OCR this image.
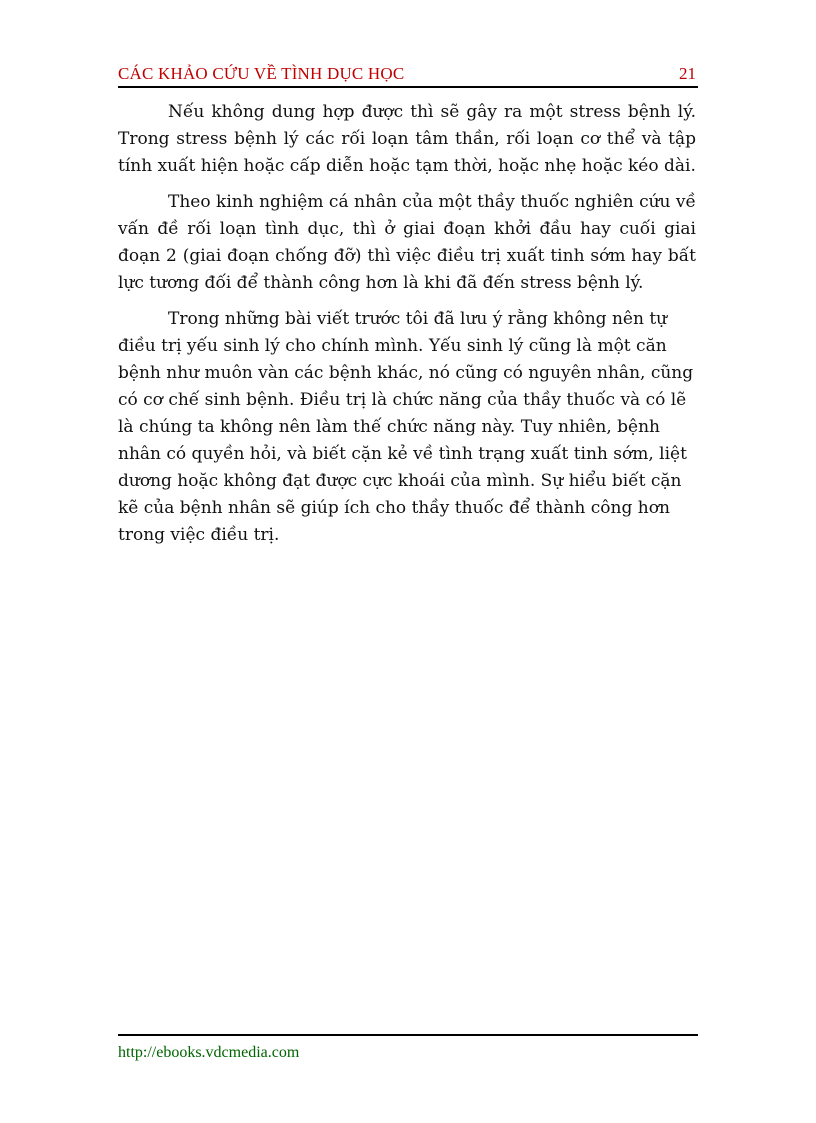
CÁC KHẢO CỨU VỀ TÌNH DỤC HỌC	21

Nếu không dung hợp được thì sẽ gây ra một stress bệnh lý. Trong stress bệnh lý các rối loạn tâm thần, rối loạn cơ thể và tập tính xuất hiện hoặc cấp diễn hoặc tạm thời, hoặc nhẹ hoặc kéo dài.

Theo kinh nghiệm cá nhân của một thầy thuốc nghiên cứu về vấn đề rối loạn tình dục, thì ở giai đoạn khởi đầu hay cuối giai đoạn 2 (giai đoạn chống đỡ) thì việc điều trị xuất tinh sớm hay bất lực tương đối để thành công hơn là khi đã đến stress bệnh lý.

Trong những bài viết trước tôi đã lưu ý rằng không nên tự điều trị yếu sinh lý cho chính mình. Yếu sinh lý cũng là một căn bệnh như muôn vàn các bệnh khác, nó cũng có nguyên nhân, cũng có cơ chế sinh bệnh. Điều trị là chức năng của thầy thuốc và có lẽ là chúng ta không nên làm thế chức năng này. Tuy nhiên, bệnh nhân có quyền hỏi, và biết cặn kẻ về tình trạng xuất tinh sớm, liệt dương hoặc không đạt được cực khoái của mình. Sự hiểu biết cặn kẽ của bệnh nhân sẽ giúp ích cho thầy thuốc để thành công hơn trong việc điều trị.

http://ebooks.vdcmedia.com
